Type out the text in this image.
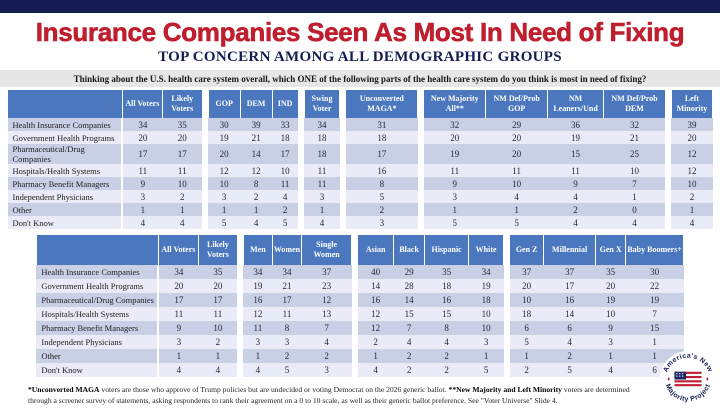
Insurance Companies Seen As Most In Need of Fixing
TOP CONCERN AMONG ALL DEMOGRAPHIC GROUPS
Thinking about the U.S. health care system overall, which ONE of the following parts of the health care system do you think is most in need of fixing?
	All Voters	Likely Voters		GOP	DEM	IND		Swing Voter		Unconverted MAGA*		New Majority All**	NM Def/Prob GOP	NM Leaners/Und	NM Def/Prob DEM		Left Minority
Health Insurance Companies	34	35		30	39	33		34		31		32	29	36	32		39
Government Health Programs	20	20		19	21	18		18		18		20	20	19	21		20
Pharmaceutical/Drug Companies	17	17		20	14	17		18		17		19	20	15	25		12
Hospitals/Health Systems	11	11		12	12	10		11		16		11	11	11	10		12
Pharmacy Benefit Managers	9	10		10	8	11		11		8		9	10	9	7		10
Independent Physicians	3	2		3	2	4		3		5		3	4	4	1		2
Other	1	1		1	1	2		1		2		1	1	2	0		1
Don't Know	4	4		5	4	5		4		3		5	5	4	4		4
	All Voters	Likely Voters		Men	Women	Single Women		Asian	Black	Hispanic	White		Gen Z	Millennial	Gen X	Baby Boomers+
Health Insurance Companies	34	35		34	34	37		40	29	35	34		37	37	35	30
Government Health Programs	20	20		19	21	23		14	28	18	19		20	17	20	22
Pharmaceutical/Drug Companies	17	17		16	17	12		16	14	16	18		10	16	19	19
Hospitals/Health Systems	11	11		12	11	13		12	15	15	10		18	14	10	7
Pharmacy Benefit Managers	9	10		11	8	7		12	7	8	10		6	6	9	15
Independent Physicians	3	2		3	3	4		2	4	4	3		5	4	3	1
Other	1	1		1	2	2		1	2	2	1		1	2	1	1
Don't Know	4	4		4	5	3		4	2	2	5		2	5	4	6
*Unconverted MAGA voters are those who approve of Trump policies but are undecided or voting Democrat on the 2026 generic ballot. **New Majority and Left Minority voters are determined through a screener survey of statements, asking respondents to rank their agreement on a 0 to 10 scale, as well as their generic ballot preference. See "Voter Universe" Slide 4.
America's New
Majority Project
